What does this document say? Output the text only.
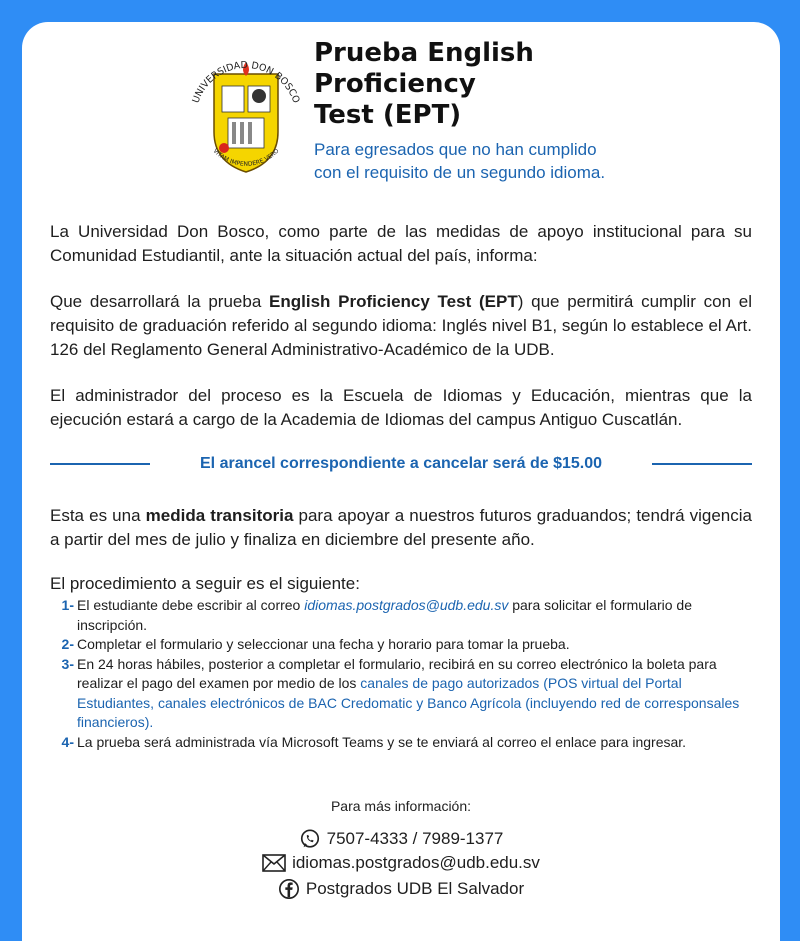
UNIVERSIDAD DON BOSCO
VITAM IMPENDERE VERO
Prueba English
Proficiency
Test (EPT)
Para egresados que no han cumplido
con el requisito de un segundo idioma.
La Universidad Don Bosco, como parte de las medidas de apoyo institucional para su Comunidad Estudiantil, ante la situación actual del país, informa:
Que desarrollará la prueba English Proficiency Test (EPT) que permitirá cumplir con el requisito de graduación referido al segundo idioma: Inglés nivel B1, según lo establece el Art. 126 del Reglamento General Administrativo-Académico de la UDB.
El administrador del proceso es la Escuela de Idiomas y Educación, mientras que la ejecución estará a cargo de la Academia de Idiomas del campus Antiguo Cuscatlán.
El arancel correspondiente a cancelar será de $15.00
Esta es una medida transitoria para apoyar a nuestros futuros graduandos; tendrá vigencia a partir del mes de julio y finaliza en diciembre del presente año.
El procedimiento a seguir es el siguiente:
1- El estudiante debe escribir al correo idiomas.postgrados@udb.edu.sv para solicitar el formulario de inscripción.
2- Completar el formulario y seleccionar una fecha y horario para tomar la prueba.
3- En 24 horas hábiles, posterior a completar el formulario, recibirá en su correo electrónico la boleta para realizar el pago del examen por medio de los canales de pago autorizados (POS virtual del Portal Estudiantes, canales electrónicos de BAC Credomatic y Banco Agrícola (incluyendo red de corresponsales financieros).
4- La prueba será administrada vía Microsoft Teams y se te enviará al correo el enlace para ingresar.
Para más información:
7507-4333 / 7989-1377
idiomas.postgrados@udb.edu.sv
Postgrados UDB El Salvador
